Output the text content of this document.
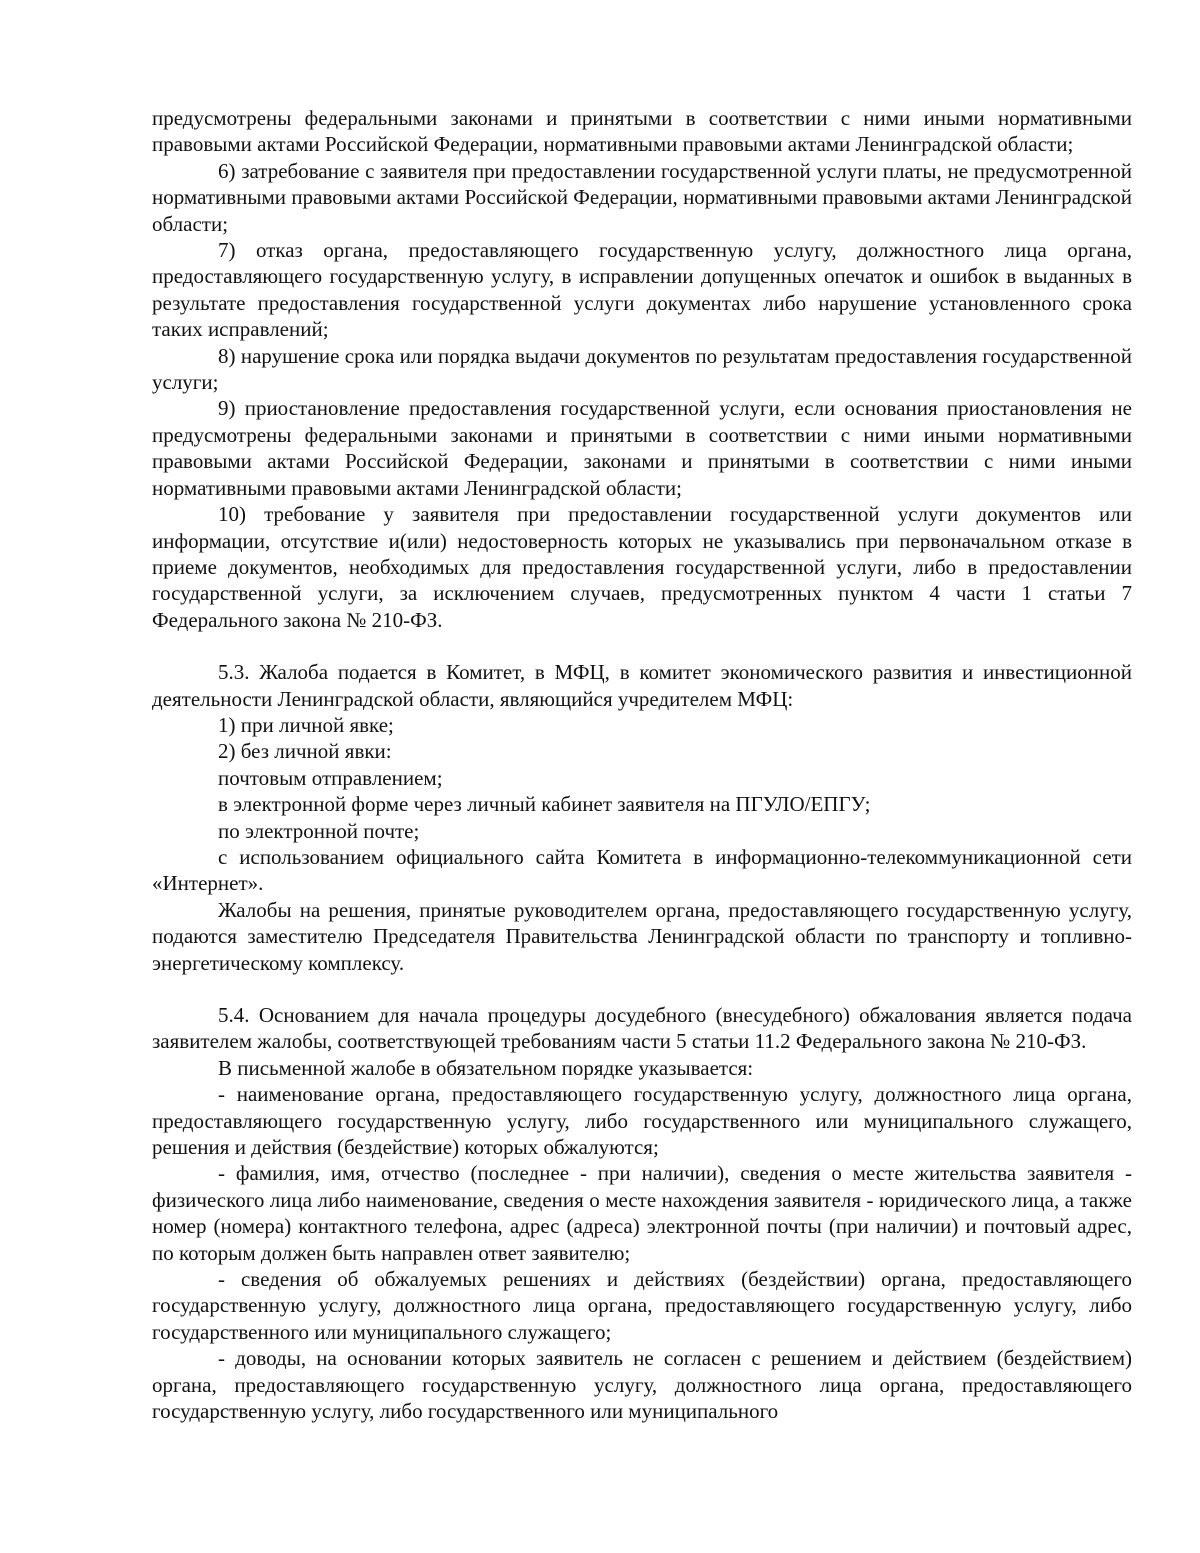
предусмотрены федеральными законами и принятыми в соответствии с ними иными нормативными правовыми актами Российской Федерации, нормативными правовыми актами Ленинградской области;

6) затребование с заявителя при предоставлении государственной услуги платы, не предусмотренной нормативными правовыми актами Российской Федерации, нормативными правовыми актами Ленинградской области;

7) отказ органа, предоставляющего государственную услугу, должностного лица органа, предоставляющего государственную услугу, в исправлении допущенных опечаток и ошибок в выданных в результате предоставления государственной услуги документах либо нарушение установленного срока таких исправлений;

8) нарушение срока или порядка выдачи документов по результатам предоставления государственной услуги;

9) приостановление предоставления государственной услуги, если основания приостановления не предусмотрены федеральными законами и принятыми в соответствии с ними иными нормативными правовыми актами Российской Федерации, законами и принятыми в соответствии с ними иными нормативными правовыми актами Ленинградской области;

10) требование у заявителя при предоставлении государственной услуги документов или информации, отсутствие и(или) недостоверность которых не указывались при первоначальном отказе в приеме документов, необходимых для предоставления государственной услуги, либо в предоставлении государственной услуги, за исключением случаев, предусмотренных пунктом 4 части 1 статьи 7 Федерального закона № 210-ФЗ.

5.3. Жалоба подается в Комитет, в МФЦ, в комитет экономического развития и инвестиционной деятельности Ленинградской области, являющийся учредителем МФЦ:

1) при личной явке;

2) без личной явки:

почтовым отправлением;

в электронной форме через личный кабинет заявителя на ПГУЛО/ЕПГУ;

по электронной почте;

с использованием официального сайта Комитета в информационно-телекоммуникационной сети «Интернет».

Жалобы на решения, принятые руководителем органа, предоставляющего государственную услугу, подаются заместителю Председателя Правительства Ленинградской области по транспорту и топливно-энергетическому комплексу.

5.4. Основанием для начала процедуры досудебного (внесудебного) обжалования является подача заявителем жалобы, соответствующей требованиям части 5 статьи 11.2 Федерального закона № 210-ФЗ.

В письменной жалобе в обязательном порядке указывается:

- наименование органа, предоставляющего государственную услугу, должностного лица органа, предоставляющего государственную услугу, либо государственного или муниципального служащего, решения и действия (бездействие) которых обжалуются;

- фамилия, имя, отчество (последнее - при наличии), сведения о месте жительства заявителя - физического лица либо наименование, сведения о месте нахождения заявителя - юридического лица, а также номер (номера) контактного телефона, адрес (адреса) электронной почты (при наличии) и почтовый адрес, по которым должен быть направлен ответ заявителю;

- сведения об обжалуемых решениях и действиях (бездействии) органа, предоставляющего государственную услугу, должностного лица органа, предоставляющего государственную услугу, либо государственного или муниципального служащего;

- доводы, на основании которых заявитель не согласен с решением и действием (бездействием) органа, предоставляющего государственную услугу, должностного лица органа, предоставляющего государственную услугу, либо государственного или муниципального
